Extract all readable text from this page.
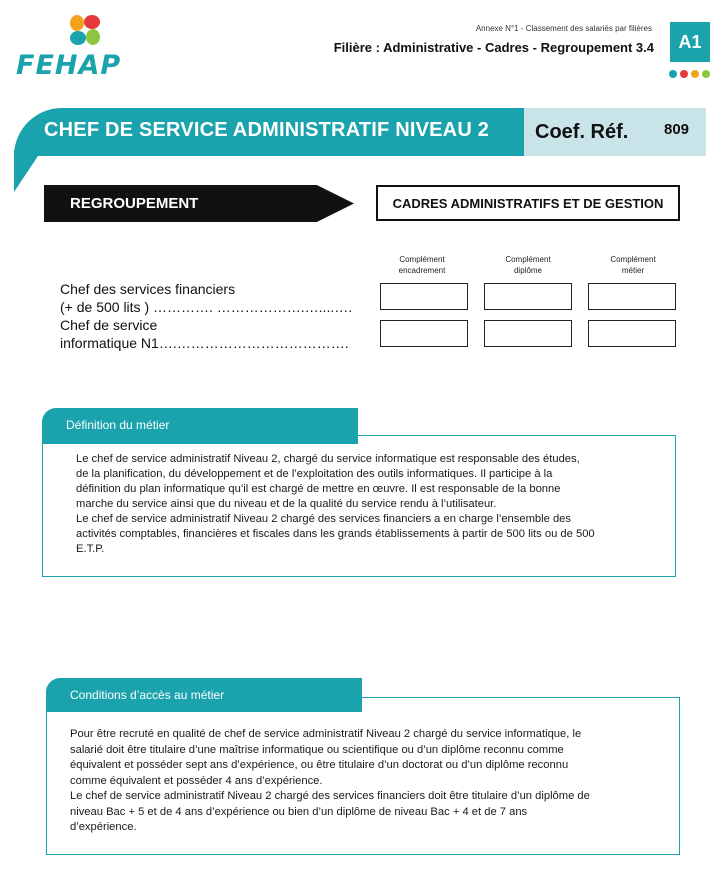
FEHAP
Annexe N°1 - Classement des salariés par filières
Filière : Administrative - Cadres - Regroupement 3.4	A1
CHEF DE SERVICE ADMINISTRATIF NIVEAU 2 Coef. Réf. 809
REGROUPEMENT	CADRES ADMINISTRATIFS ET DE GESTION
Complément
encadrement
Complément
diplôme
Complément
métier
Chef des services financiers
(+ de 500 lits ) …………. ……………….…....….
Chef de service
informatique N1….……………………………….
Définition du métier
Le chef de service administratif Niveau 2, chargé du service informatique est responsable des études,
de la planification, du développement et de l’exploitation des outils informatiques. Il participe à la
définition du plan informatique qu’il est chargé de mettre en œuvre. Il est responsable de la bonne
marche du service ainsi que du niveau et de la qualité du service rendu à l’utilisateur.
Le chef de service administratif Niveau 2 chargé des services financiers a en charge l’ensemble des
activités comptables, financières et fiscales dans les grands établissements à partir de 500 lits ou de 500
E.T.P.
Conditions d’accès au métier
Pour être recruté en qualité de chef de service administratif Niveau 2 chargé du service informatique, le
salarié doit être titulaire d’une maîtrise informatique ou scientifique ou d’un diplôme reconnu comme
équivalent et posséder sept ans d’expérience, ou être titulaire d’un doctorat ou d’un diplôme reconnu
comme équivalent et posséder 4 ans d’expérience.
Le chef de service administratif Niveau 2 chargé des services financiers doit être titulaire d’un diplôme de
niveau Bac + 5 et de 4 ans d’expérience ou bien d’un diplôme de niveau Bac + 4 et de 7 ans
d’expérience.
